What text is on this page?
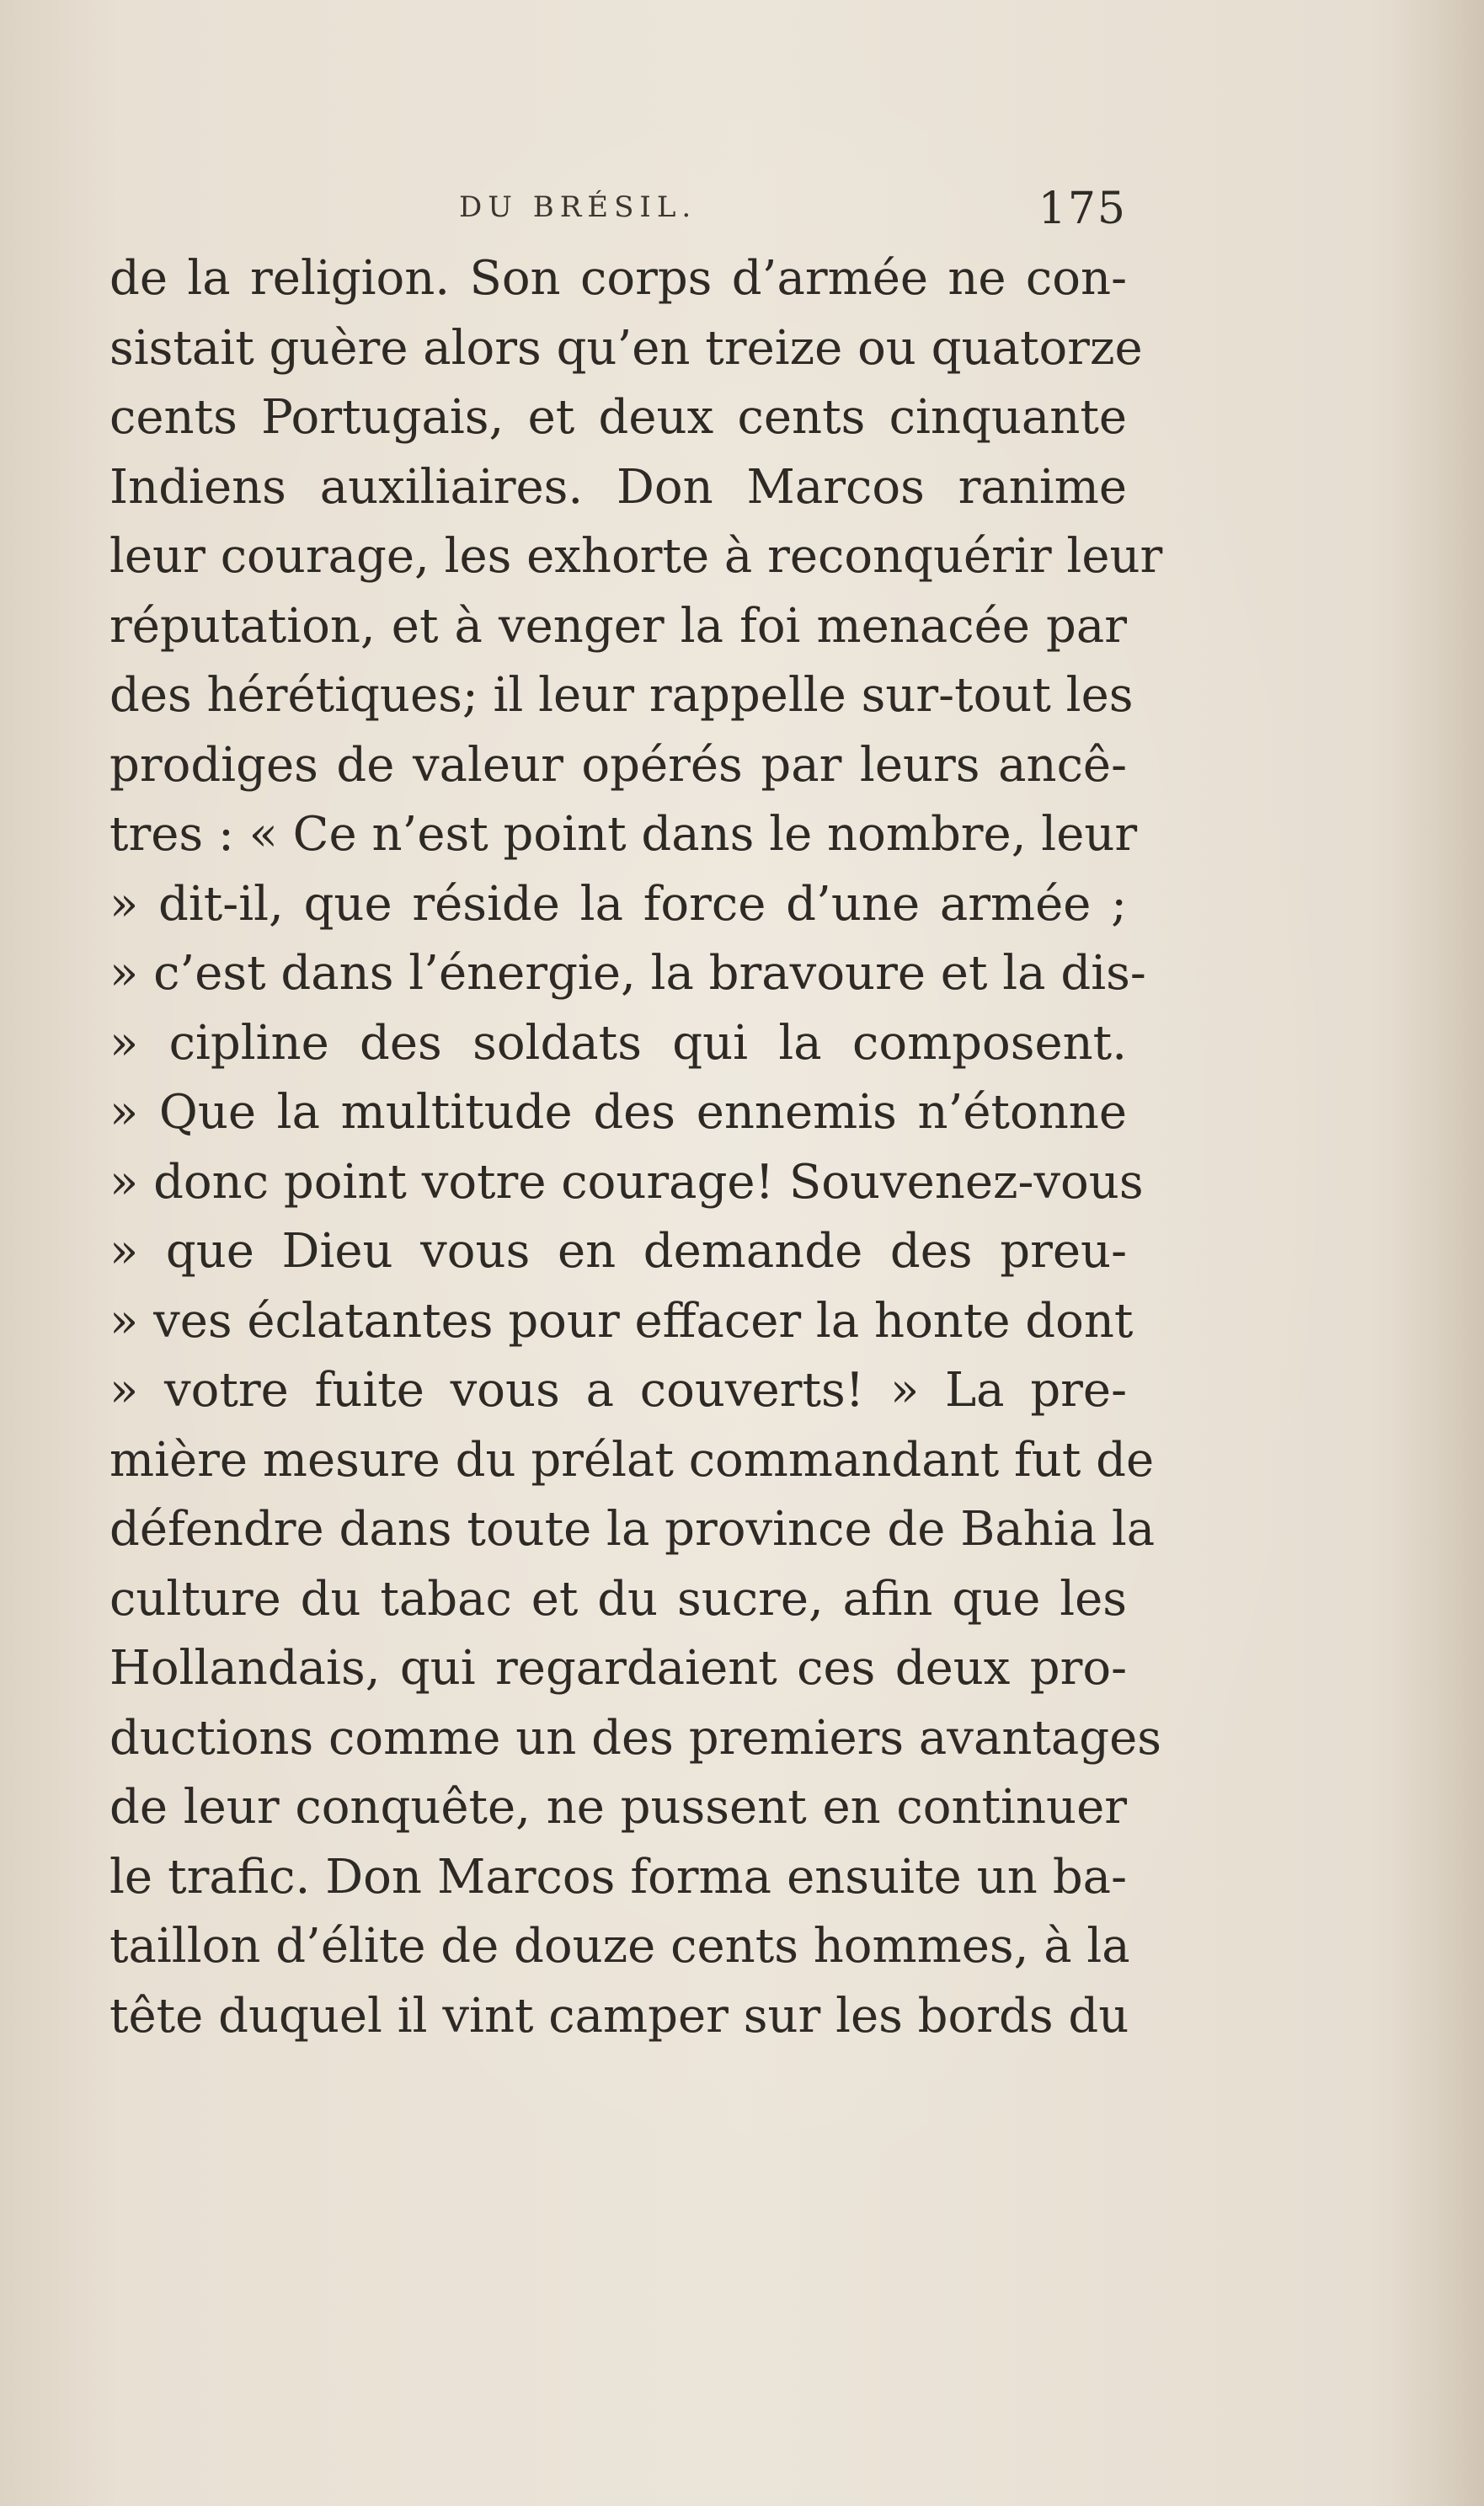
DU BRÉSIL.	175
de la religion. Son corps d’armée ne con-
sistait guère alors qu’en treize ou quatorze
cents Portugais, et deux cents cinquante
Indiens auxiliaires. Don Marcos ranime
leur courage, les exhorte à reconquérir leur
réputation, et à venger la foi menacée par
des hérétiques; il leur rappelle sur-tout les
prodiges de valeur opérés par leurs ancê-
tres : « Ce n’est point dans le nombre, leur
» dit-il, que réside la force d’une armée ;
» c’est dans l’énergie, la bravoure et la dis-
» cipline des soldats qui la composent.
» Que la multitude des ennemis n’étonne
» donc point votre courage! Souvenez-vous
» que Dieu vous en demande des preu-
» ves éclatantes pour effacer la honte dont
» votre fuite vous a couverts! » La pre-
mière mesure du prélat commandant fut de
défendre dans toute la province de Bahia la
culture du tabac et du sucre, afin que les
Hollandais, qui regardaient ces deux pro-
ductions comme un des premiers avantages
de leur conquête, ne pussent en continuer
le trafic. Don Marcos forma ensuite un ba-
taillon d’élite de douze cents hommes, à la
tête duquel il vint camper sur les bords du
